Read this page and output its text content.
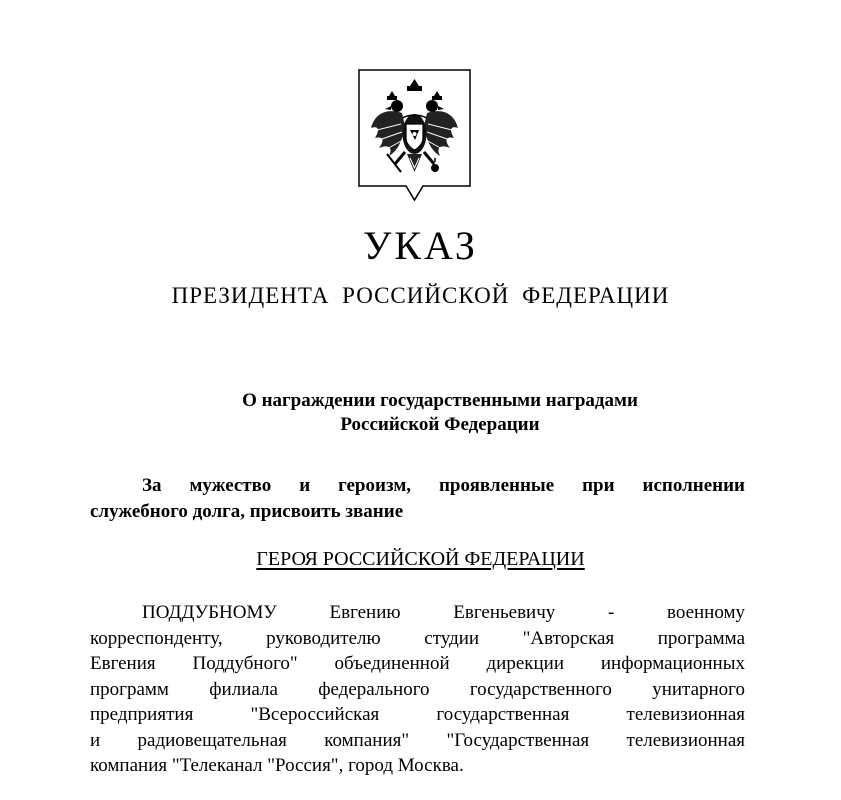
УКАЗ
ПРЕЗИДЕНТА РОССИЙСКОЙ ФЕДЕРАЦИИ
О награждении государственными наградами
Российской Федерации
За мужество и героизм, проявленные при исполнении
служебного долга, присвоить звание
ГЕРОЯ РОССИЙСКОЙ ФЕДЕРАЦИИ
ПОДДУБНОМУ Евгению Евгеньевичу - военному
корреспонденту, руководителю студии "Авторская программа
Евгения Поддубного" объединенной дирекции информационных
программ филиала федерального государственного унитарного
предприятия "Всероссийская государственная телевизионная
и радиовещательная компания" "Государственная телевизионная
компания "Телеканал "Россия", город Москва.
